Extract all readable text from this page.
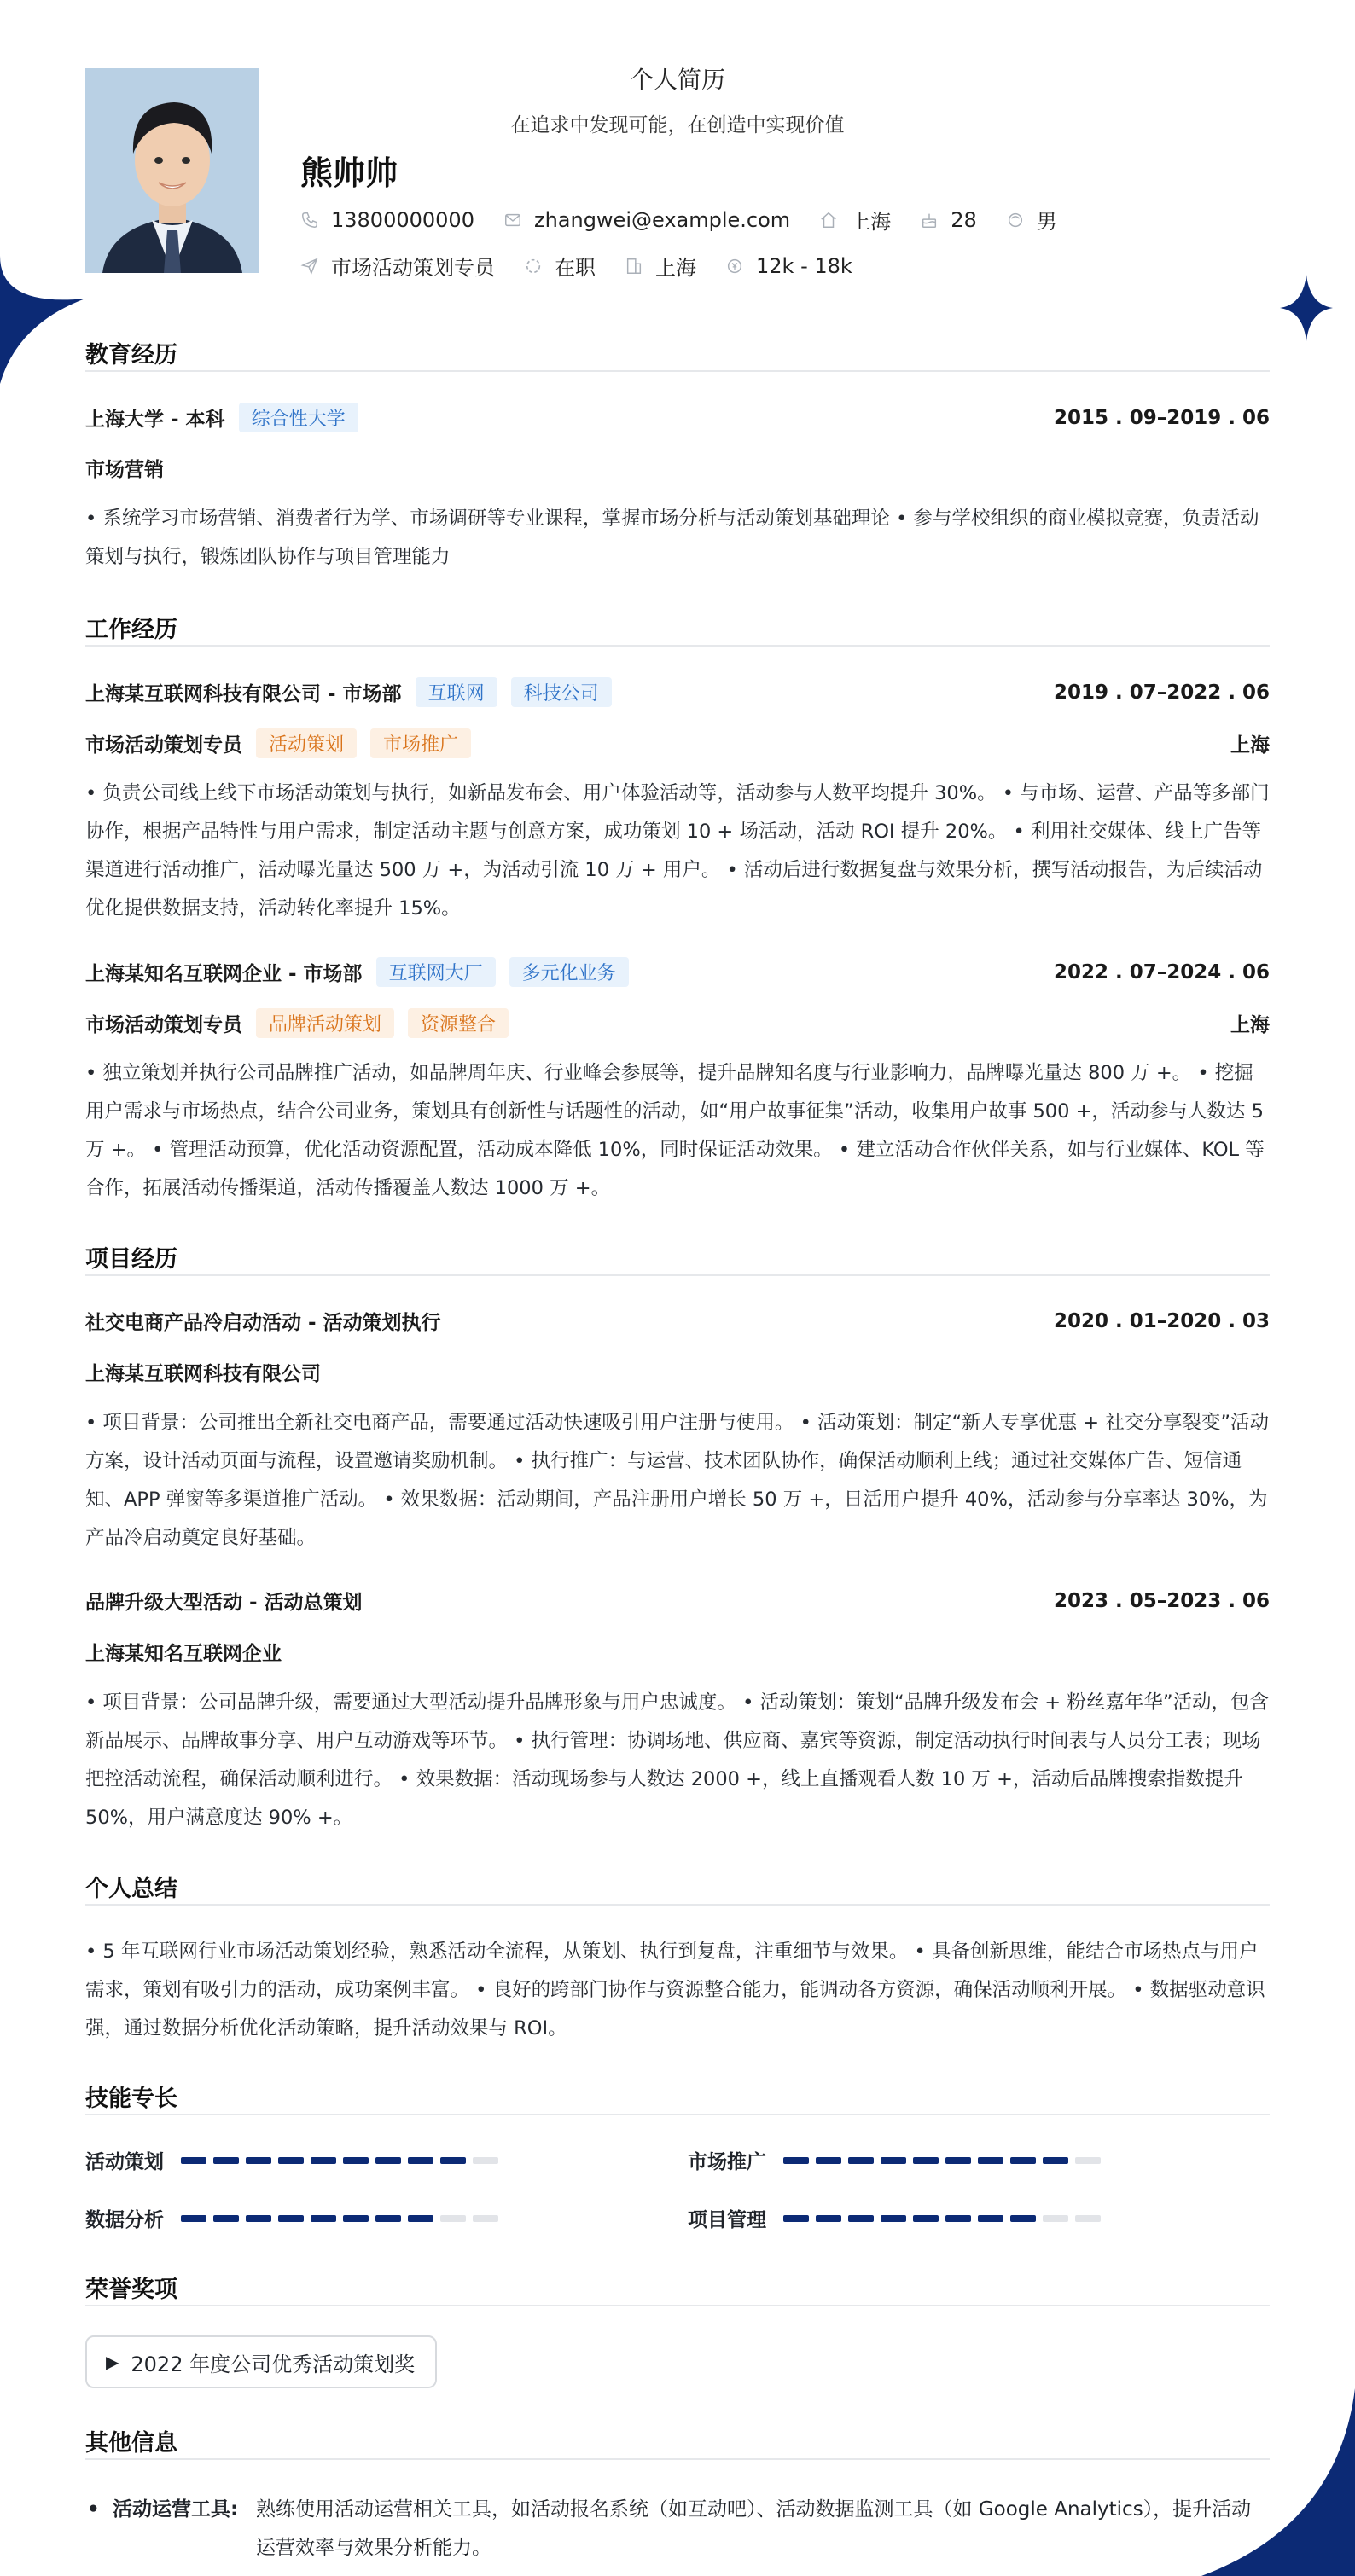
个人简历
在追求中发现可能，在创造中实现价值
熊帅帅
13800000000	zhangwei@example.com	上海	28	男
市场活动策划专员	在职	上海	12k - 18k
教育经历
上海大学 - 本科	综合性大学	2015 . 09–2019 . 06
市场营销
• 系统学习市场营销、消费者行为学、市场调研等专业课程，掌握市场分析与活动策划基础理论 • 参与学校组织的商业模拟竞赛，负责活动策划与执行，锻炼团队协作与项目管理能力
工作经历
上海某互联网科技有限公司 - 市场部	互联网	科技公司	2019 . 07–2022 . 06
市场活动策划专员	活动策划	市场推广	上海
• 负责公司线上线下市场活动策划与执行，如新品发布会、用户体验活动等，活动参与人数平均提升 30%。 • 与市场、运营、产品等多部门协作，根据产品特性与用户需求，制定活动主题与创意方案，成功策划 10 + 场活动，活动 ROI 提升 20%。 • 利用社交媒体、线上广告等渠道进行活动推广，活动曝光量达 500 万 +，为活动引流 10 万 + 用户。 • 活动后进行数据复盘与效果分析，撰写活动报告，为后续活动优化提供数据支持，活动转化率提升 15%。
上海某知名互联网企业 - 市场部	互联网大厂	多元化业务	2022 . 07–2024 . 06
市场活动策划专员	品牌活动策划	资源整合	上海
• 独立策划并执行公司品牌推广活动，如品牌周年庆、行业峰会参展等，提升品牌知名度与行业影响力，品牌曝光量达 800 万 +。 • 挖掘用户需求与市场热点，结合公司业务，策划具有创新性与话题性的活动，如“用户故事征集”活动，收集用户故事 500 +，活动参与人数达 5 万 +。 • 管理活动预算，优化活动资源配置，活动成本降低 10%，同时保证活动效果。 • 建立活动合作伙伴关系，如与行业媒体、KOL 等合作，拓展活动传播渠道，活动传播覆盖人数达 1000 万 +。
项目经历
社交电商产品冷启动活动 - 活动策划执行	2020 . 01–2020 . 03
上海某互联网科技有限公司
• 项目背景：公司推出全新社交电商产品，需要通过活动快速吸引用户注册与使用。 • 活动策划：制定“新人专享优惠 + 社交分享裂变”活动方案，设计活动页面与流程，设置邀请奖励机制。 • 执行推广：与运营、技术团队协作，确保活动顺利上线；通过社交媒体广告、短信通知、APP 弹窗等多渠道推广活动。 • 效果数据：活动期间，产品注册用户增长 50 万 +，日活用户提升 40%，活动参与分享率达 30%，为产品冷启动奠定良好基础。
品牌升级大型活动 - 活动总策划	2023 . 05–2023 . 06
上海某知名互联网企业
• 项目背景：公司品牌升级，需要通过大型活动提升品牌形象与用户忠诚度。 • 活动策划：策划“品牌升级发布会 + 粉丝嘉年华”活动，包含新品展示、品牌故事分享、用户互动游戏等环节。 • 执行管理：协调场地、供应商、嘉宾等资源，制定活动执行时间表与人员分工表；现场把控活动流程，确保活动顺利进行。 • 效果数据：活动现场参与人数达 2000 +，线上直播观看人数 10 万 +，活动后品牌搜索指数提升 50%，用户满意度达 90% +。
个人总结
• 5 年互联网行业市场活动策划经验，熟悉活动全流程，从策划、执行到复盘，注重细节与效果。 • 具备创新思维，能结合市场热点与用户需求，策划有吸引力的活动，成功案例丰富。 • 良好的跨部门协作与资源整合能力，能调动各方资源，确保活动顺利开展。 • 数据驱动意识强，通过数据分析优化活动策略，提升活动效果与 ROI。
技能专长
活动策划	市场推广
数据分析	项目管理
荣誉奖项
▶ 2022 年度公司优秀活动策划奖
其他信息
• 活动运营工具: 熟练使用活动运营相关工具，如活动报名系统（如互动吧）、活动数据监测工具（如 Google Analytics），提升活动运营效率与效果分析能力。
